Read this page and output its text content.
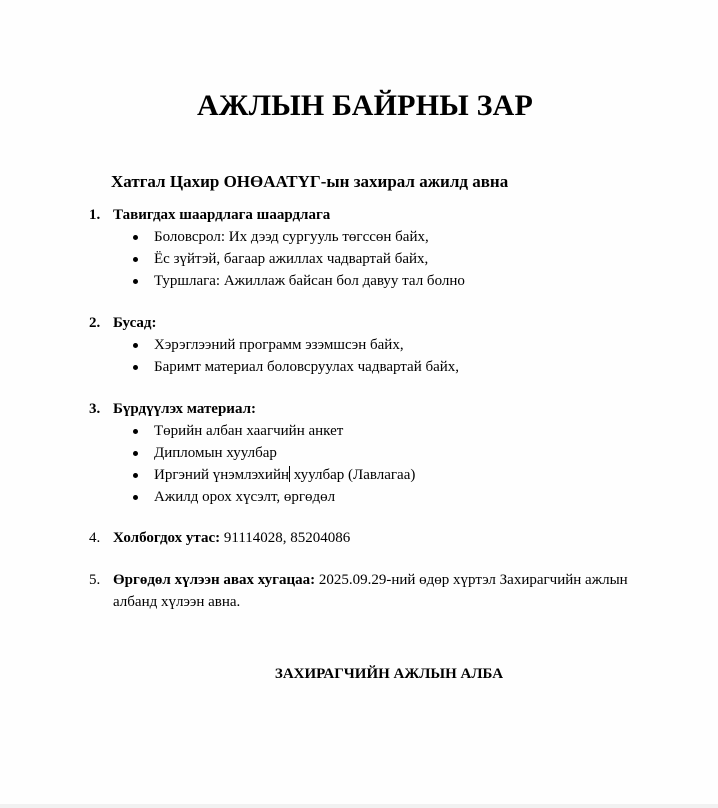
АЖЛЫН БАЙРНЫ ЗАР

Хатгал Цахир ОНӨААТҮГ-ын захирал ажилд авна

1. Тавигдах шаардлага шаардлага
Боловсрол: Их дээд сургууль төгссөн байх,
Ёс зүйтэй, багаар ажиллах чадвартай байх,
Туршлага: Ажиллаж байсан бол давуу тал болно
2. Бусад:
Хэрэглээний программ эзэмшсэн байх,
Баримт материал боловсруулах чадвартай байх,
3. Бүрдүүлэх материал:
Төрийн албан хаагчийн анкет
Дипломын хуулбар
Иргэний үнэмлэхийн хуулбар (Лавлагаа)
Ажилд орох хүсэлт, өргөдөл
4. Холбогдох утас: 91114028, 85204086
5. Өргөдөл хүлээн авах хугацаа: 2025.09.29-ний өдөр хүртэл Захирагчийн ажлын албанд хүлээн авна.

ЗАХИРАГЧИЙН АЖЛЫН АЛБА
